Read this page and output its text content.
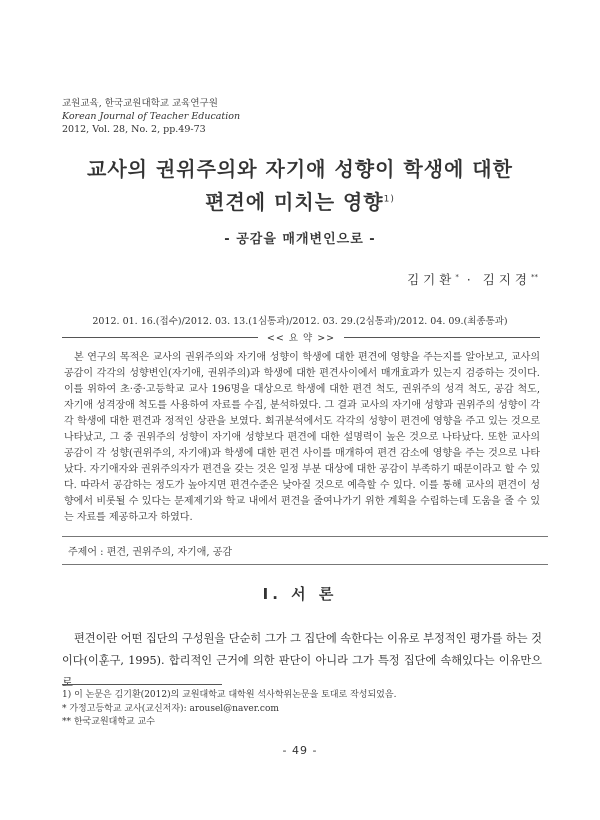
교원교육, 한국교원대학교 교육연구원
Korean Journal of Teacher Education
2012, Vol. 28, No. 2, pp.49-73
교사의 권위주의와 자기애 성향이 학생에 대한
편견에 미치는 영향$^{1)}$
- 공감을 매개변인으로 -
김기환* · 김지경**
2012. 01. 16.(접수)/2012. 03. 13.(1심통과)/2012. 03. 29.(2심통과)/2012. 04. 09.(최종통과)
<< 요 약 >>

본 연구의 목적은 교사의 권위주의와 자기애 성향이 학생에 대한 편견에 영향을 주는지를 알아보고, 교사의 공감이 각각의 성향변인(자기애, 권위주의)과 학생에 대한 편견사이에서 매개효과가 있는지 검증하는 것이다. 이를 위하여 초·중·고등학교 교사 196명을 대상으로 학생에 대한 편견 척도, 권위주의 성격 척도, 공감 척도, 자기애 성격장애 척도를 사용하여 자료를 수집, 분석하였다. 그 결과 교사의 자기애 성향과 권위주의 성향이 각각 학생에 대한 편견과 정적인 상관을 보였다. 회귀분석에서도 각각의 성향이 편견에 영향을 주고 있는 것으로 나타났고, 그 중 권위주의 성향이 자기애 성향보다 편견에 대한 설명력이 높은 것으로 나타났다. 또한 교사의 공감이 각 성향(권위주의, 자기애)과 학생에 대한 편견 사이를 매개하여 편견 감소에 영향을 주는 것으로 나타났다. 자기애자와 권위주의자가 편견을 갖는 것은 일정 부분 대상에 대한 공감이 부족하기 때문이라고 할 수 있다. 따라서 공감하는 정도가 높아지면 편견수준은 낮아질 것으로 예측할 수 있다. 이를 통해 교사의 편견이 성향에서 비롯될 수 있다는 문제제기와 학교 내에서 편견을 줄여나가기 위한 계획을 수립하는데 도움을 줄 수 있는 자료를 제공하고자 하였다.

주제어 : 편견, 권위주의, 자기애, 공감
Ⅰ. 서 론

편견이란 어떤 집단의 구성원을 단순히 그가 그 집단에 속한다는 이유로 부정적인 평가를 하는 것이다(이훈구, 1995). 합리적인 근거에 의한 판단이 아니라 그가 특정 집단에 속해있다는 이유만으로

1) 이 논문은 김기환(2012)의 교원대학교 대학원 석사학위논문을 토대로 작성되었음.
* 가정고등학교 교사(교신저자): arousel@naver.com
** 한국교원대학교 교수
- 49 -
